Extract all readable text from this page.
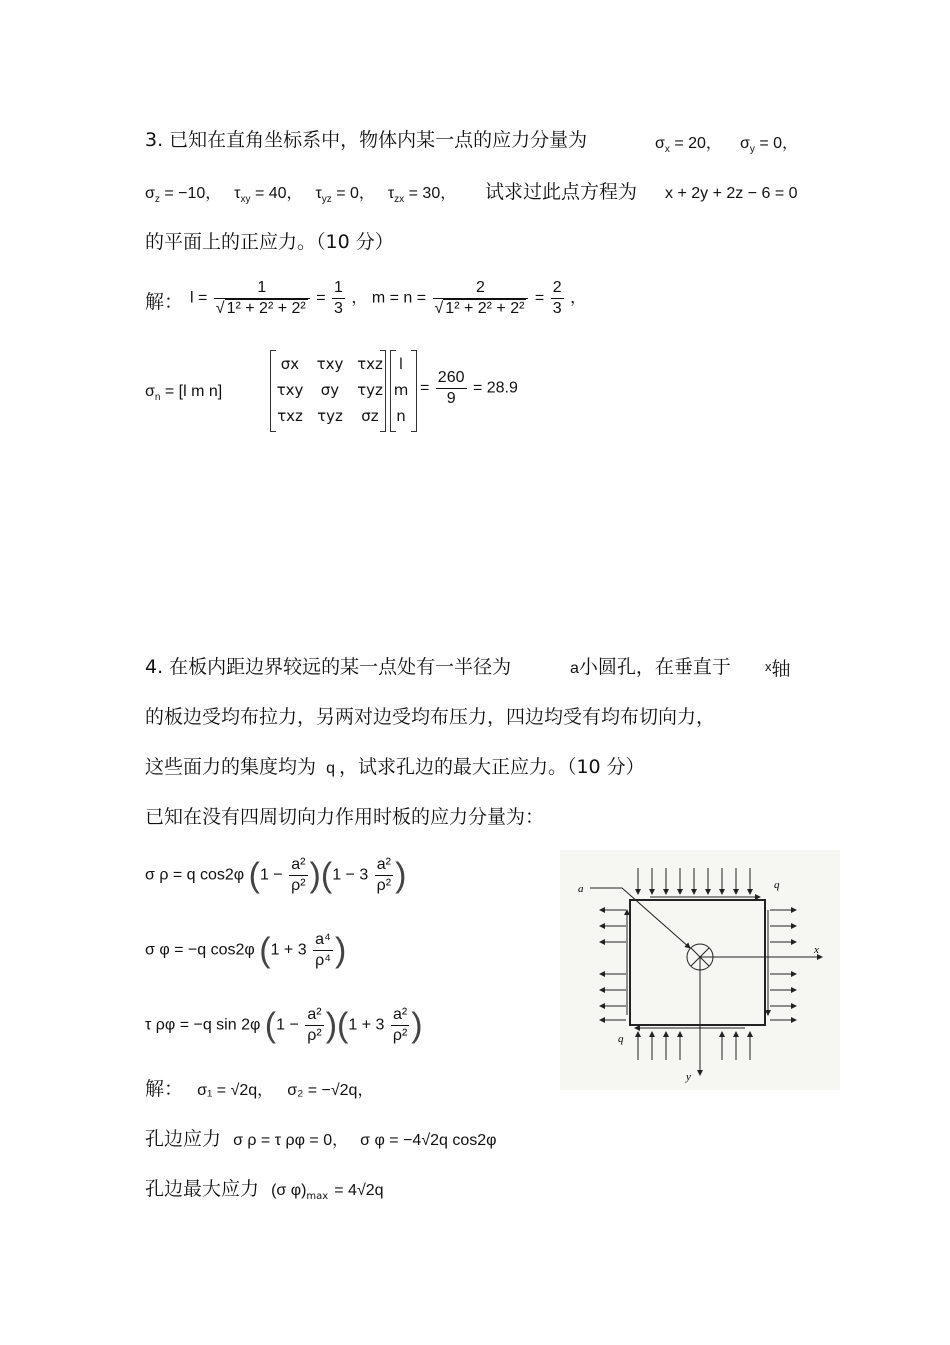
3. 已知在直角坐标系中，物体内某一点的应力分量为	$\sigma_x = 20$， $\sigma_y = 0$，
$\sigma_z = -10$， $\tau_{xy} = 40$， $\tau_{yz} = 0$， $\tau_{zx} = 30$， 试求过此点方程为 x + 2y + 2z − 6 = 0
的平面上的正应力。（10 分）
解： $l = \frac{1}{\text{√ 1² + 2² + 2²}} = \frac{1}{3}$ ， $m = n = \frac{2}{\text{√ 1² + 2² + 2²}} = \frac{2}{3}$ ，
$\sigma_n = [l$ m n]
σx	τxy τxz
τxy	σy	τyz
τxz τyz	σz
l
m
n
= $\frac{260}{9} = 28.9$
4. 在板内距边界较远的某一点处有一半径为	a小圆孔，在垂直于	$^x$轴
的板边受均布拉力，另两对边受均布压力，四边均受有均布切向力，
这些面力的集度均为 q ，试求孔边的最大正应力。（10 分）
已知在没有四周切向力作用时板的应力分量为：
σ ρ = q cos2φ $(1 - \frac{\text{a²}}{\text{ρ²}} )(1 - 3 \frac{\text{a²}}{\text{ρ²}}$ )
σ φ = −q cos2φ ($1 + 3 \frac{\text{a⁴}}{\text{ρ⁴}}$ )
τ ρφ = −q sin 2φ $(1 - \frac{\text{a²}}{\text{ρ²}} )(1 + 3 \frac{\text{a²}}{\text{ρ²}}$ )
解： σ₁ = √2q， σ₂ = −√2q，
孔边应力 σ ρ = τ ρφ = 0， σ φ = −4√2q cos2φ
孔边最大应力 (σ $\varphi)_{max} = 4√2q$
a	q
q
x
y
